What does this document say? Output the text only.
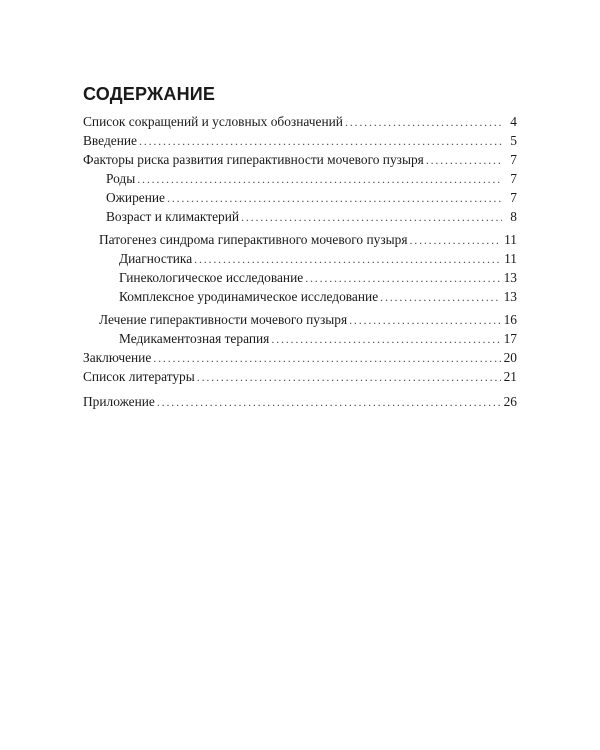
СОДЕРЖАНИЕ
Список сокращений и условных обозначений . . .	4
Введение . . .	5
Факторы риска развития гиперактивности мочевого пузыря . . .	7
Роды . . .	7
Ожирение . . .	7
Возраст и климактерий . . .	8
Патогенез синдрома гиперактивного мочевого пузыря . . .	11
Диагностика . . .	11
Гинекологическое исследование . . .	13
Комплексное уродинамическое исследование . . .	13
Лечение гиперактивности мочевого пузыря . . .	16
Медикаментозная терапия . . .	17
Заключение . . .	20
Список литературы . . .	21
Приложение . . .	26
